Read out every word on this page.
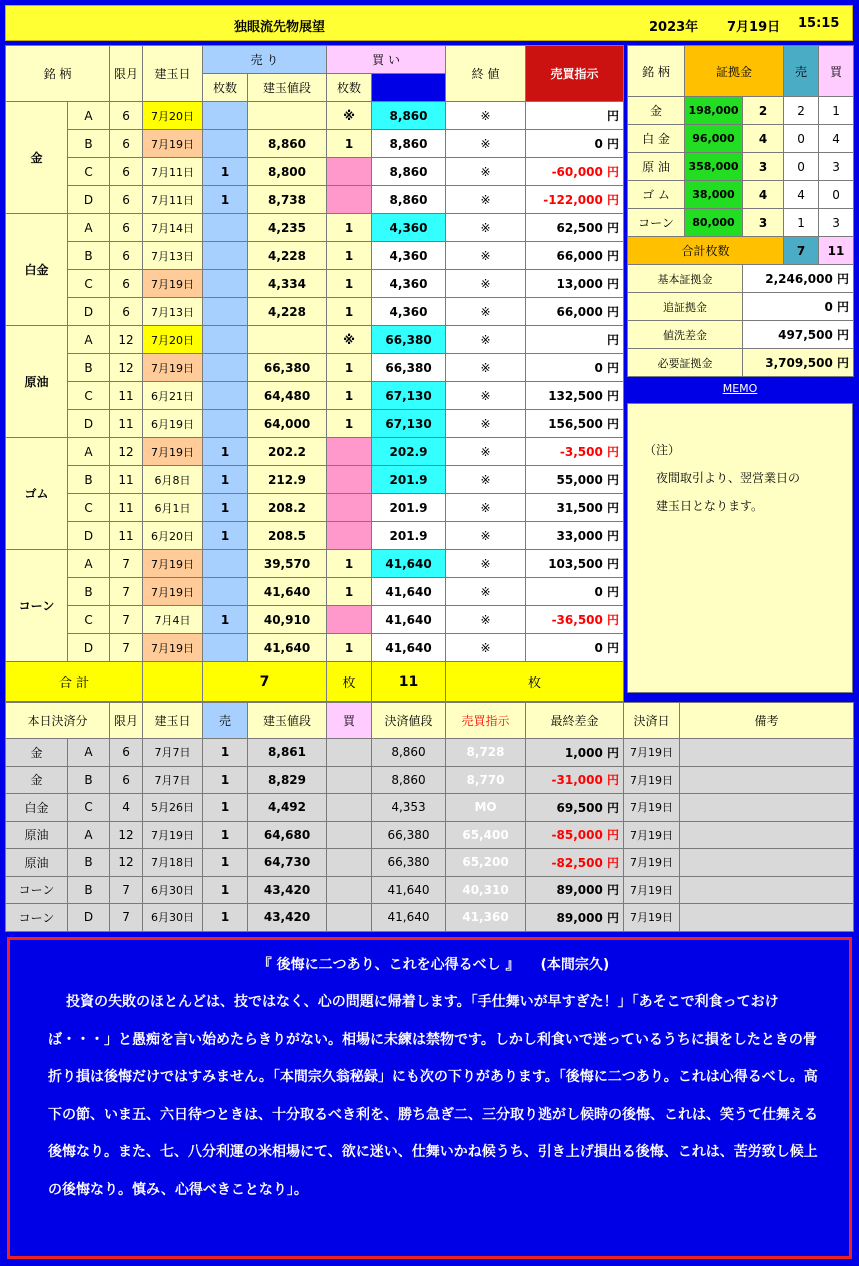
独眼流先物展望	2023年 7月19日 15:15
銘 柄		限月	建玉日	売 り		買 い		終 値	売買指示	
				枚数	建玉値段	枚数				
金	A	6	7月20日			※	8,860	※	円	
	B	6	7月19日		8,860	1	8,860	※	0 円	
	C	6	7月11日	1	8,800		8,860	※	-60,000 円	
	D	6	7月11日	1	8,738		8,860	※	-122,000 円	
白金	A	6	7月14日		4,235	1	4,360	※	62,500 円	
	B	6	7月13日		4,228	1	4,360	※	66,000 円	
	C	6	7月19日		4,334	1	4,360	※	13,000 円	
	D	6	7月13日		4,228	1	4,360	※	66,000 円	
原油	A	12	7月20日			※	66,380	※	円	
	B	12	7月19日		66,380	1	66,380	※	0 円	
	C	11	6月21日		64,480	1	67,130	※	132,500 円	
	D	11	6月19日		64,000	1	67,130	※	156,500 円	
ゴム	A	12	7月19日	1	202.2		202.9	※	-3,500 円	
	B	11	6月8日	1	212.9		201.9	※	55,000 円	
	C	11	6月1日	1	208.2		201.9	※	31,500 円	
	D	11	6月20日	1	208.5		201.9	※	33,000 円	
コーン	A	7	7月19日		39,570	1	41,640	※	103,500 円	
	B	7	7月19日		41,640	1	41,640	※	0 円	
	C	7	7月4日	1	40,910		41,640	※	-36,500 円	
	D	7	7月19日		41,640	1	41,640	※	0 円	
合 計				7		枚	11	枚	
銘 柄	証拠金		売	買
金	198,000	2	2	1
白 金	96,000	4	0	4
原 油	358,000	3	0	3
ゴ ム	38,000	4	4	0
コーン	80,000	3	1	3
合計枚数			7	11
基本証拠金		2,246,000 円		
追証拠金		0 円		
値洗差金		497,500 円		
必要証拠金		3,709,500 円		
MEMO
（注）
　夜間取引より、翌営業日の
　建玉日となります。
本日決済分		限月	建玉日	売	建玉値段	買	決済値段	売買指示	最終差金	決済日	備考
金	A	6	7月7日	1	8,861		8,860	8,728	1,000 円	7月19日	
金	B	6	7月7日	1	8,829		8,860	8,770	-31,000 円	7月19日	
白金	C	4	5月26日	1	4,492		4,353	MO	69,500 円	7月19日	
原油	A	12	7月19日	1	64,680		66,380	65,400	-85,000 円	7月19日	
原油	B	12	7月18日	1	64,730		66,380	65,200	-82,500 円	7月19日	
コーン	B	7	6月30日	1	43,420		41,640	40,310	89,000 円	7月19日	
コーン	D	7	6月30日	1	43,420		41,640	41,360	89,000 円	7月19日	
『 後悔に二つあり、これを心得るべし 』　　(本間宗久)
投資の失敗のほとんどは、技ではなく、心の問題に帰着します。「手仕舞いが早すぎた！」「あそこで利食っておけば・・・」と愚痴を言い始めたらきりがない。相場に未練は禁物です。しかし利食いで迷っているうちに損をしたときの骨折り損は後悔だけではすみません。「本間宗久翁秘録」にも次の下りがあります。「後悔に二つあり。これは心得るべし。高下の節、いま五、六日待つときは、十分取るべき利を、勝ち急ぎ二、三分取り逃がし候時の後悔、これは、笑うて仕舞える後悔なり。また、七、八分利運の米相場にて、欲に迷い、仕舞いかね候うち、引き上げ損出る後悔、これは、苦労致し候上の後悔なり。慎み、心得べきことなり」。
